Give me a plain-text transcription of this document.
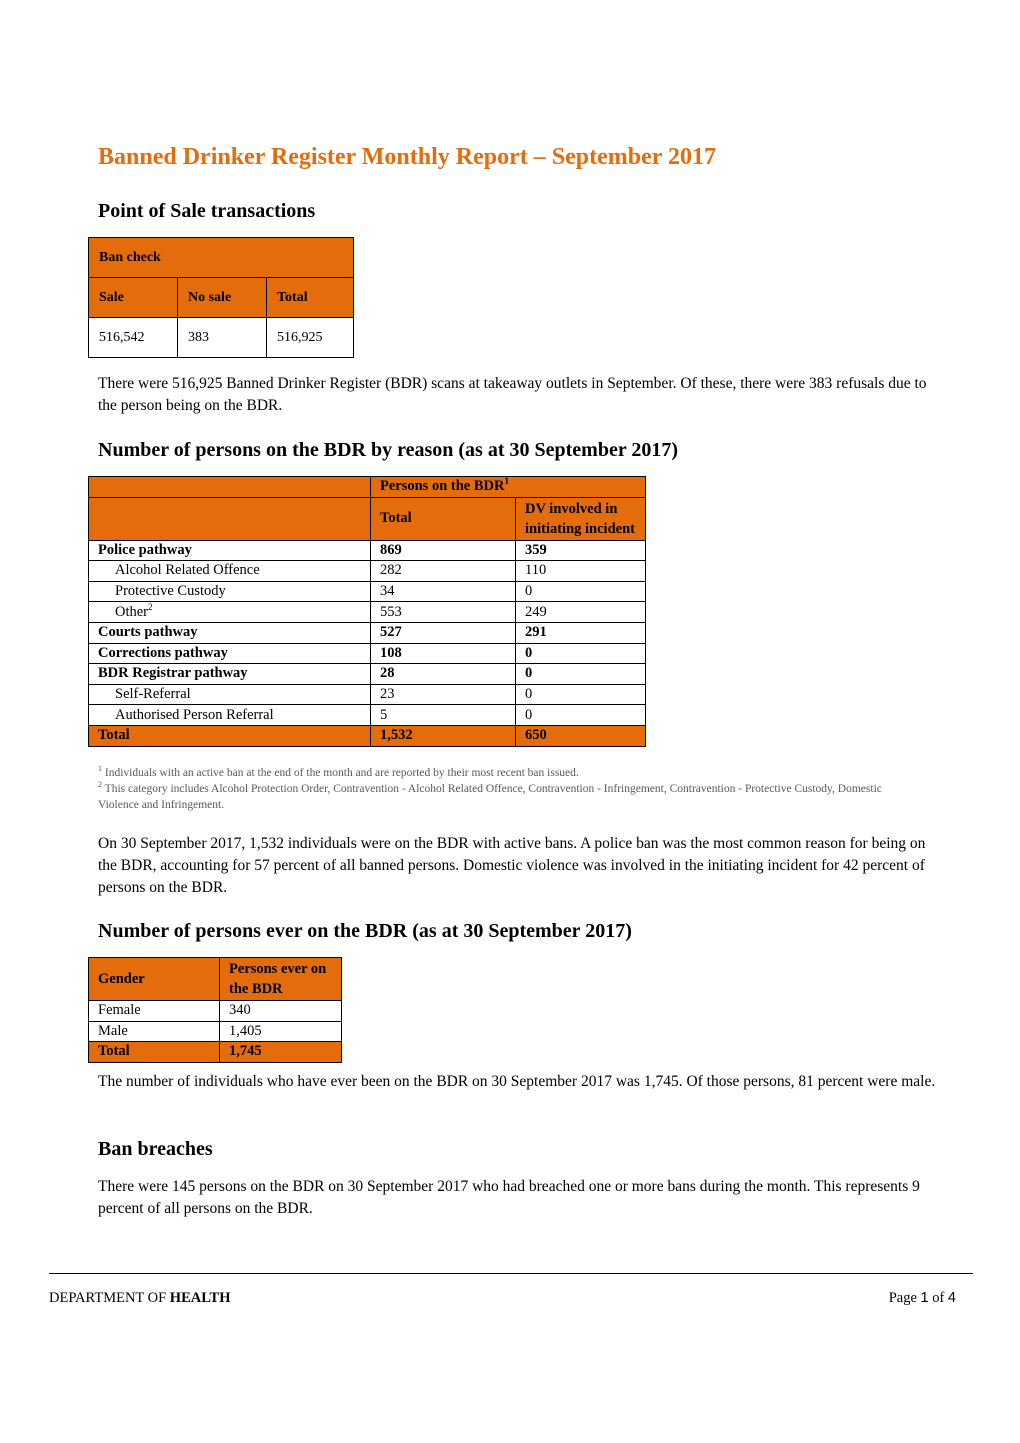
Banned Drinker Register Monthly Report – September 2017
Point of Sale transactions
Ban check		
Sale	No sale	Total
516,542	383	516,925

There were 516,925 Banned Drinker Register (BDR) scans at takeaway outlets in September. Of these, there were 383 refusals due to the person being on the BDR.

Number of persons on the BDR by reason (as at 30 September 2017)
	Persons on the BDR$^1$
	Total	DV involved in initiating incident
Police pathway	869	359
Alcohol Related Offence	282	110
Protective Custody	34	0
Other$^2$	553	249
Courts pathway	527	291
Corrections pathway	108	0
BDR Registrar pathway	28	0
Self-Referral	23	0
Authorised Person Referral	5	0
Total	1,532	650
$^1$ Individuals with an active ban at the end of the month and are reported by their most recent ban issued.
$^2$ This category includes Alcohol Protection Order, Contravention - Alcohol Related Offence, Contravention - Infringement, Contravention - Protective Custody, Domestic Violence and Infringement.

On 30 September 2017, 1,532 individuals were on the BDR with active bans. A police ban was the most common reason for being on the BDR, accounting for 57 percent of all banned persons. Domestic violence was involved in the initiating incident for 42 percent of persons on the BDR.

Number of persons ever on the BDR (as at 30 September 2017)
Gender	Persons ever on the BDR
Female	340
Male	1,405
Total	1,745

The number of individuals who have ever been on the BDR on 30 September 2017 was 1,745. Of those persons, 81 percent were male.

Ban breaches

There were 145 persons on the BDR on 30 September 2017 who had breached one or more bans during the month. This represents 9 percent of all persons on the BDR.

DEPARTMENT OF HEALTH	Page 1 of 4
